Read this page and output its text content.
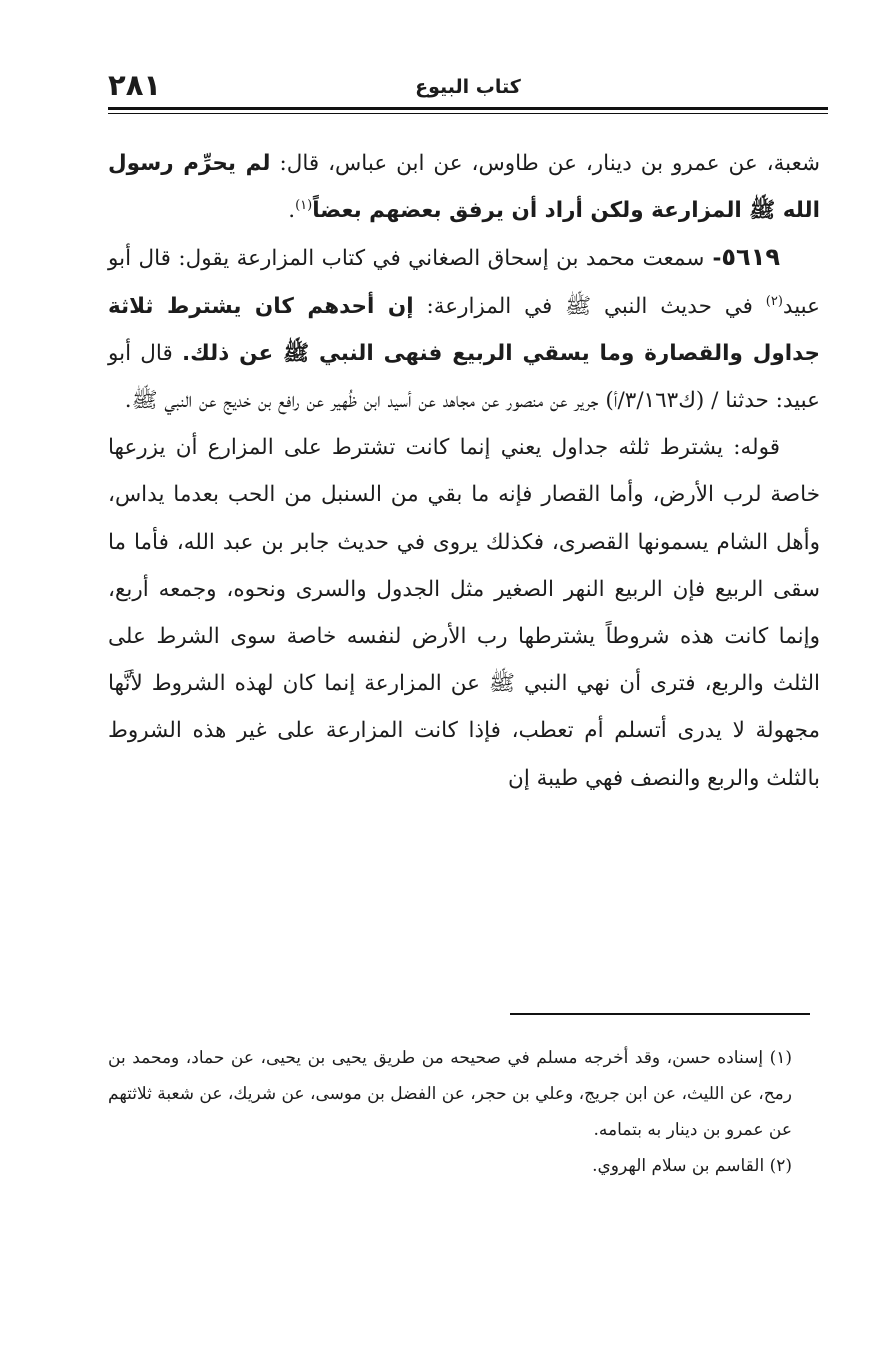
٢٨١	كتاب البيوع

شعبة، عن عمرو بن دينار، عن طاوس، عن ابن عباس، قال: لم يحرِّم رسول الله ﷺ المزارعة ولكن أراد أن يرفق بعضهم بعضاً$^{(١)}$.

٥٦١٩- سمعت محمد بن إسحاق الصغاني في كتاب المزارعة يقول: قال أبو عبيد$^{(٢)}$ في حديث النبي ﷺ في المزارعة: إن أحدهم كان يشترط ثلاثة جداول والقصارة وما يسقي الربيع فنهى النبي ﷺ عن ذلك. قال أبو عبيد: حدثنا / (ك٣/١٦٣/أ) جرير عن منصور عن مجاهد عن أسيد ابن ظُهير عن رافع بن خديج عن النبي ﷺ.

قوله: يشترط ثلثه جداول يعني إنما كانت تشترط على المزارع أن يزرعها خاصة لرب الأرض، وأما القصار فإنه ما بقي من السنبل من الحب بعدما يداس، وأهل الشام يسمونها القصرى، فكذلك يروى في حديث جابر بن عبد الله، فأما ما سقى الربيع فإن الربيع النهر الصغير مثل الجدول والسرى ونحوه، وجمعه أربع، وإنما كانت هذه شروطاً يشترطها رب الأرض لنفسه خاصة سوى الشرط على الثلث والربع، فترى أن نهي النبي ﷺ عن المزارعة إنما كان لهذه الشروط لأنَّها مجهولة لا يدرى أتسلم أم تعطب، فإذا كانت المزارعة على غير هذه الشروط بالثلث والربع والنصف فهي طيبة إن

(١) إسناده حسن، وقد أخرجه مسلم في صحيحه من طريق يحيى بن يحيى، عن حماد، ومحمد بن رمح، عن الليث، عن ابن جريج، وعلي بن حجر، عن الفضل بن موسى، عن شريك، عن شعبة ثلاثتهم عن عمرو بن دينار به بتمامه.

(٢) القاسم بن سلام الهروي.
